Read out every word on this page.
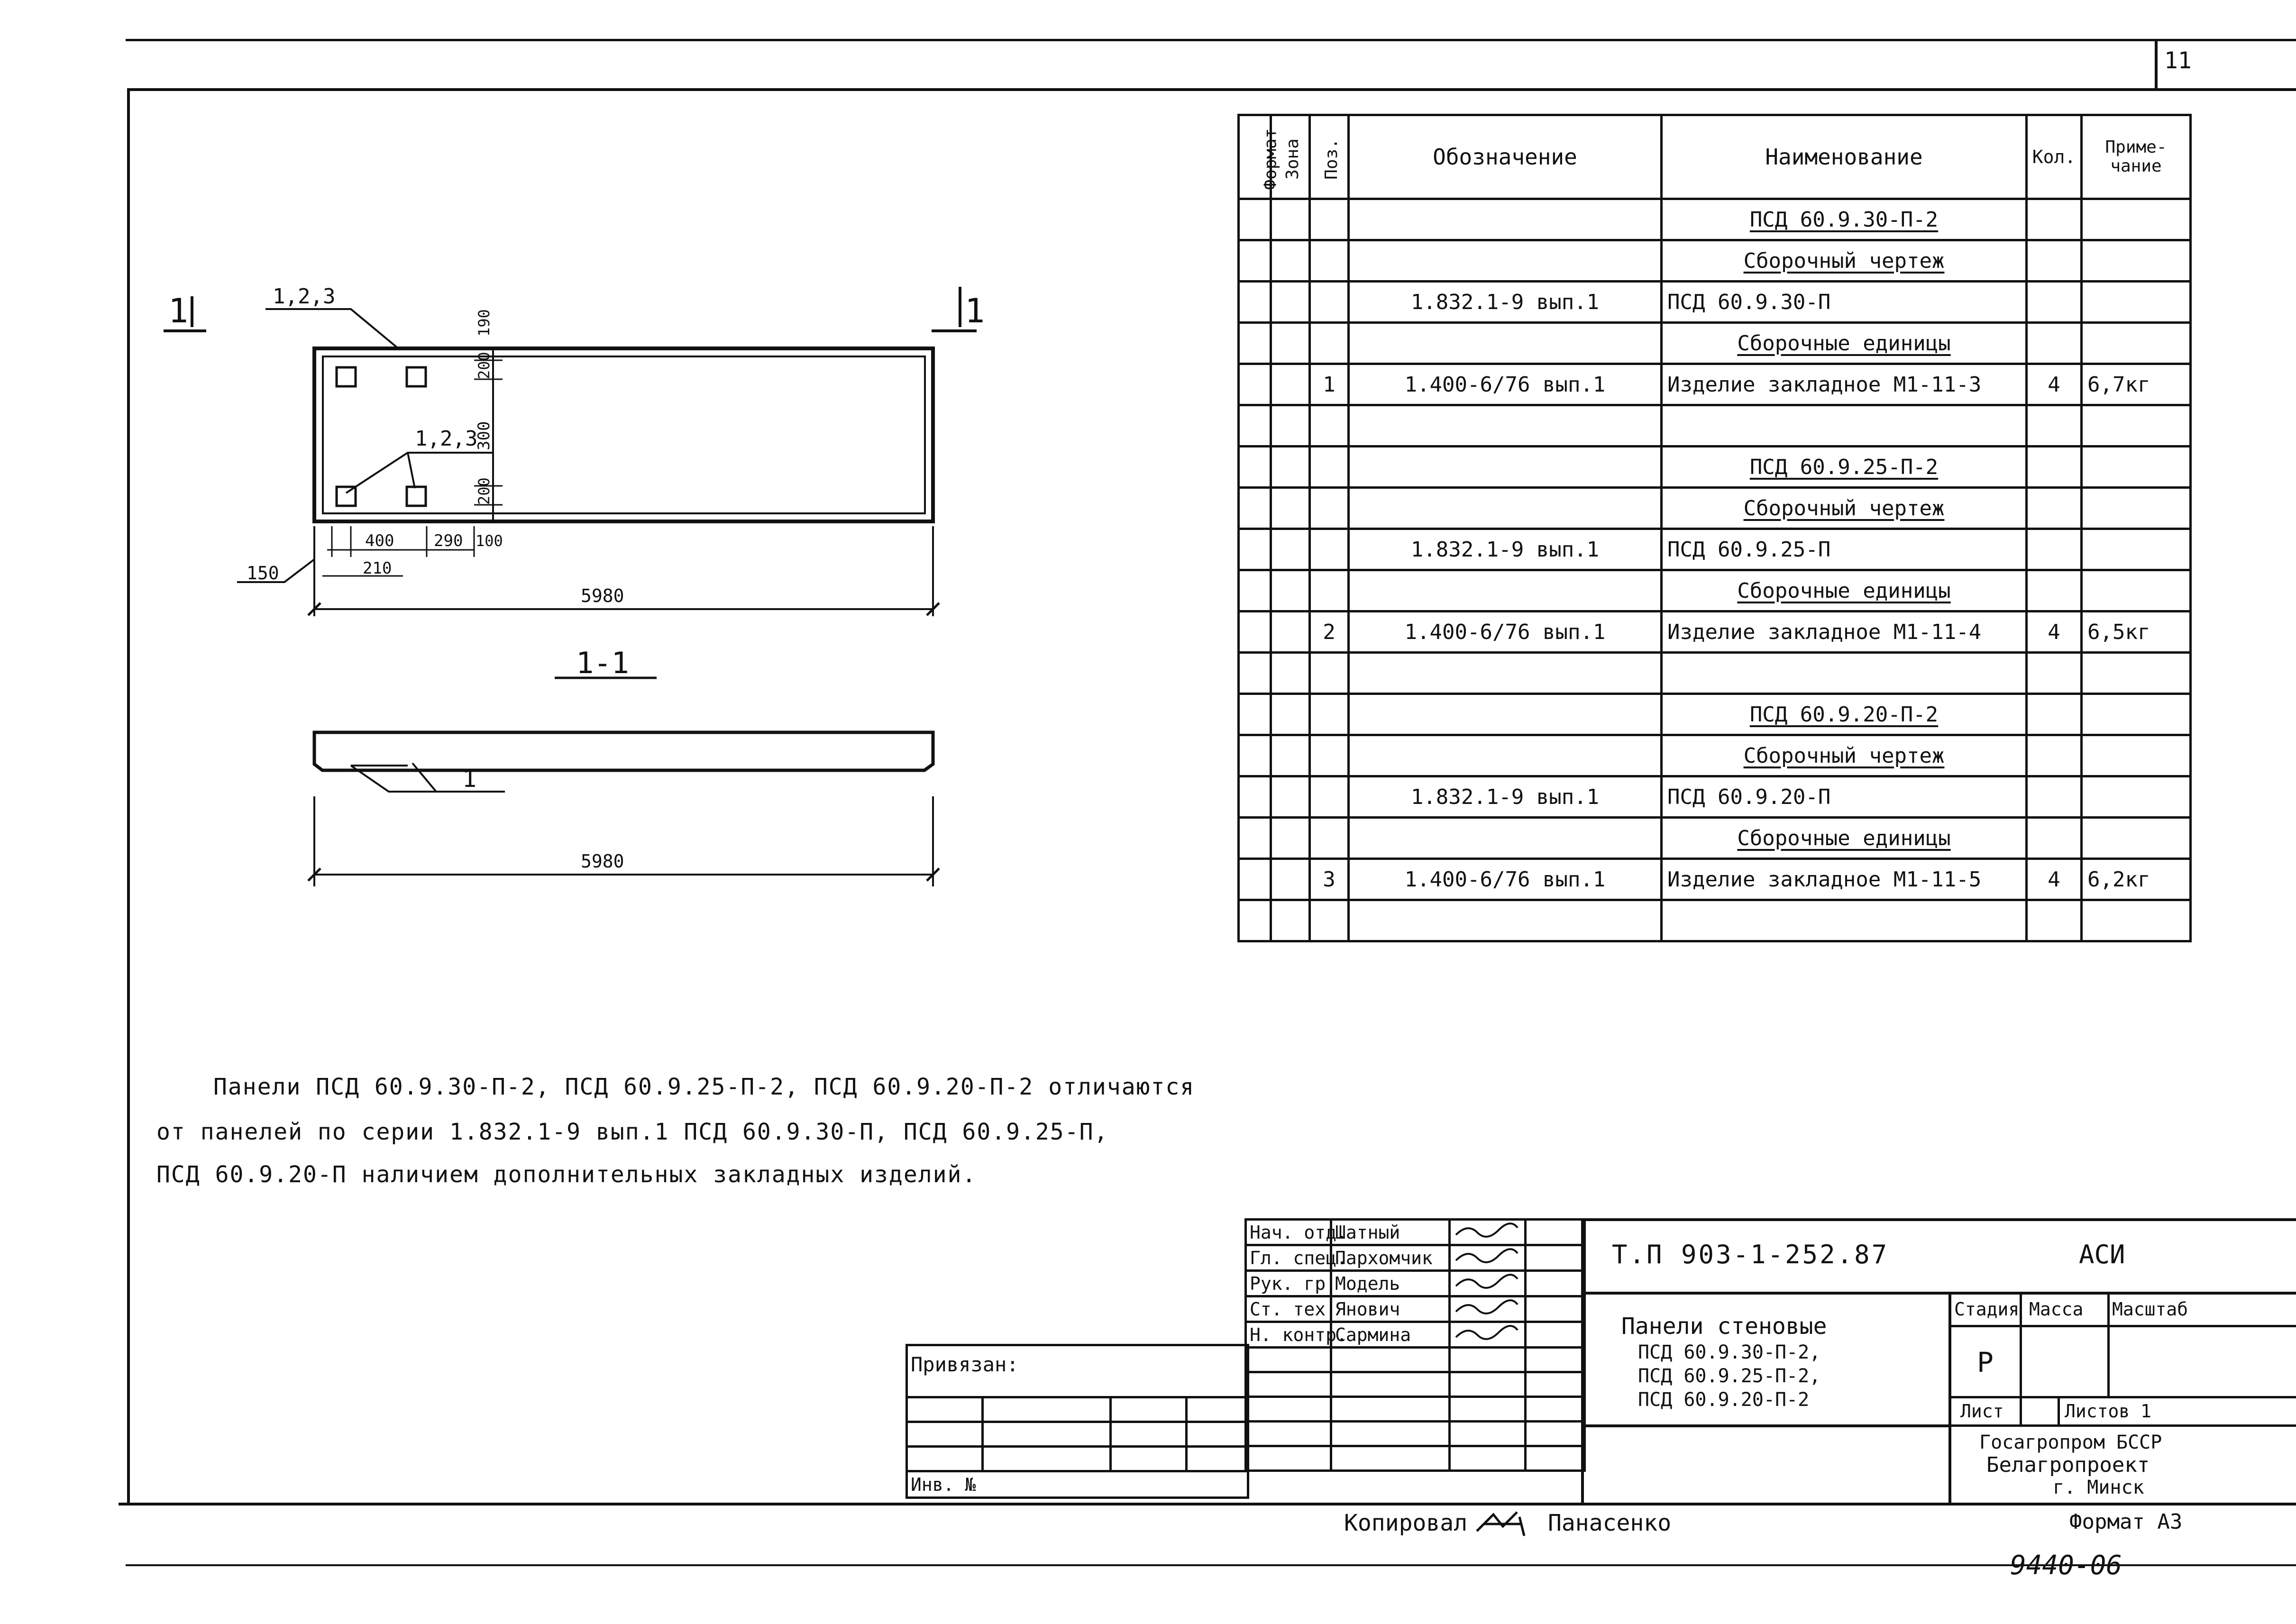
11
1	1
1,2,3
1,2,3
150	210
400 290 100
190
200
300
200
5980
1-1
1
5980
Формат	Зона	Поз.	Обозначение	Наименование	Кол.	Приме-чание
				ПСД 60.9.30-П-2		
				Сборочный чертеж		
			1.832.1-9 вып.1	ПСД 60.9.30-П		
				Сборочные единицы		
		1	1.400-6/76 вып.1	Изделие закладное М1-11-3	4	6,7кг

				ПСД 60.9.25-П-2		
				Сборочный чертеж		
			1.832.1-9 вып.1	ПСД 60.9.25-П		
				Сборочные единицы		
		2	1.400-6/76 вып.1	Изделие закладное М1-11-4	4	6,5кг

				ПСД 60.9.20-П-2		
				Сборочный чертеж		
			1.832.1-9 вып.1	ПСД 60.9.20-П		
				Сборочные единицы		
		3	1.400-6/76 вып.1	Изделие закладное М1-11-5	4	6,2кг

Панели ПСД 60.9.30-П-2, ПСД 60.9.25-П-2, ПСД 60.9.20-П-2 отличаются
от панелей по серии 1.832.1-9 вып.1 ПСД 60.9.30-П, ПСД 60.9.25-П,
ПСД 60.9.20-П наличием дополнительных закладных изделий.
Привязан:			

Инв. №			
Нач. отд.	Шатный		
Гл. спец.	Пархомчик		
Рук. гр.	Модель		
Ст. тех.	Янович		
Н. контр.	Сармина		

Т.П 903-1-252.87	АСИ
Панели стеновые
ПСД 60.9.30-П-2,
ПСД 60.9.25-П-2,
ПСД 60.9.20-П-2
Стадия Масса Масштаб
Р
Лист	Листов 1
Госагропром БССР
Белагропроект
г. Минск
Копировал	Панасенко	Формат А3
9440-06
